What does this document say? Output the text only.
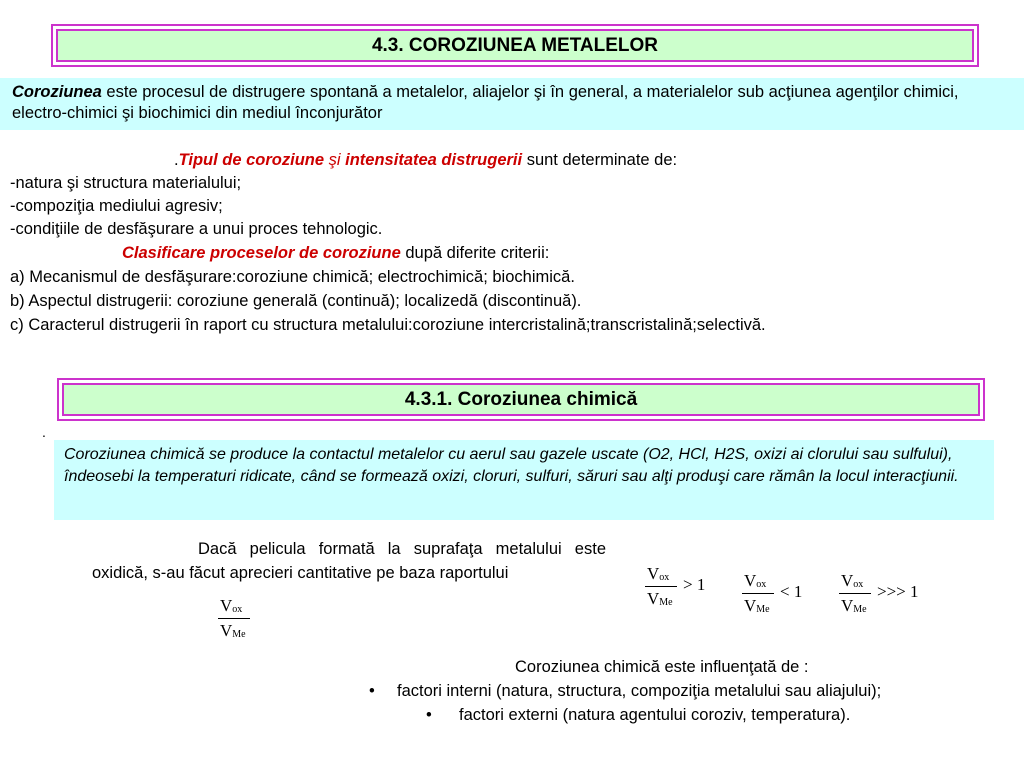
4.3. COROZIUNEA METALELOR
Coroziunea este procesul de distrugere spontană a metalelor, aliajelor şi în general, a materialelor sub acţiunea agenţilor chimici, electro-chimici şi biochimici din mediul înconjurător
.Tipul de coroziune şi intensitatea distrugerii sunt determinate de:
-natura şi structura materialului;
-compoziţia mediului agresiv;
-condiţiile de desfăşurare a unui proces tehnologic.
Clasificare proceselor de coroziune după diferite criterii:
a) Mecanismul de desfăşurare:coroziune chimică; electrochimică; biochimică.
b) Aspectul distrugerii: coroziune generală (continuă); localizedă (discontinuă).
c) Caracterul distrugerii în raport cu structura metalului:coroziune intercristalină;transcristalină;selectivă.
4.3.1. Coroziunea chimică
.
Coroziunea chimică se produce la contactul metalelor cu aerul sau gazele uscate (O2, HCl, H2S, oxizi ai clorului sau sulfului), îndeosebi la temperaturi ridicate, când se formează oxizi, cloruri, sulfuri, săruri sau alţi produşi care rămân la locul interacţiunii.
Dacă pelicula formată la suprafaţa metalului este oxidică, s-au făcut aprecieri cantitative pe baza raportului
Vox
VMe
Vox
VMe
> 1 Vox
VMe
< 1
Vox
VMe
>>> 1
Coroziunea chimică este influenţată de :
• factori interni (natura, structura, compoziţia metalului sau aliajului);
• factori externi (natura agentului coroziv, temperatura).
